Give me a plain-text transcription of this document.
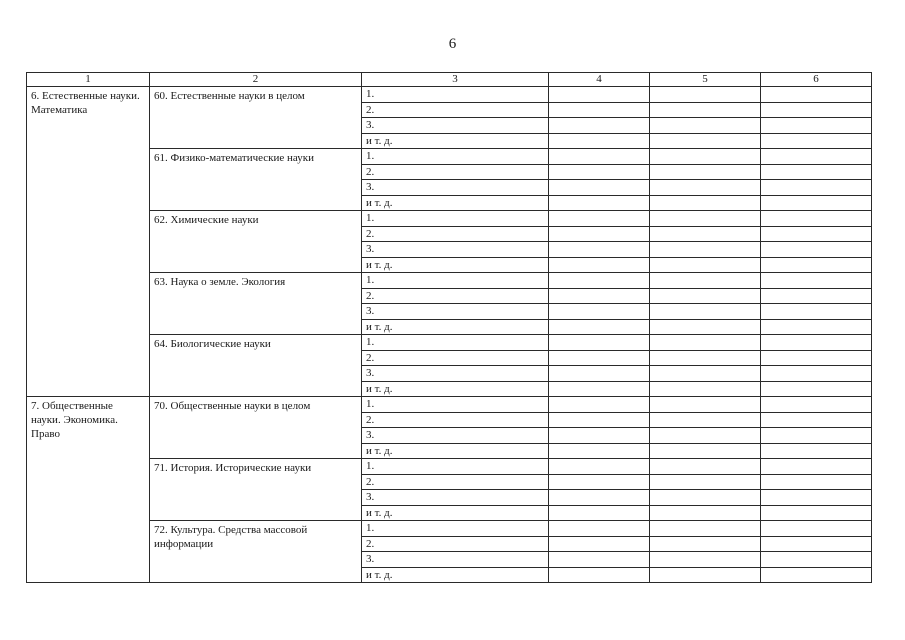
6
1	2	3	4	5	6
6. Естественные науки. Математика	60. Естественные науки в целом	1.			
		2.			
		3.			
		и т. д.			
	61. Физико-математические науки	1.			
		2.			
		3.			
		и т. д.			
	62. Химические науки	1.			
		2.			
		3.			
		и т. д.			
	63. Наука о земле. Экология	1.			
		2.			
		3.			
		и т. д.			
	64. Биологические науки	1.			
		2.			
		3.			
		и т. д.			
7. Общественные науки. Экономика. Право	70. Общественные науки в целом	1.			
		2.			
		3.			
		и т. д.			
	71. История. Исторические науки	1.			
		2.			
		3.			
		и т. д.			
	72. Культура. Средства массовой информации	1.			
		2.			
		3.			
		и т. д.			
